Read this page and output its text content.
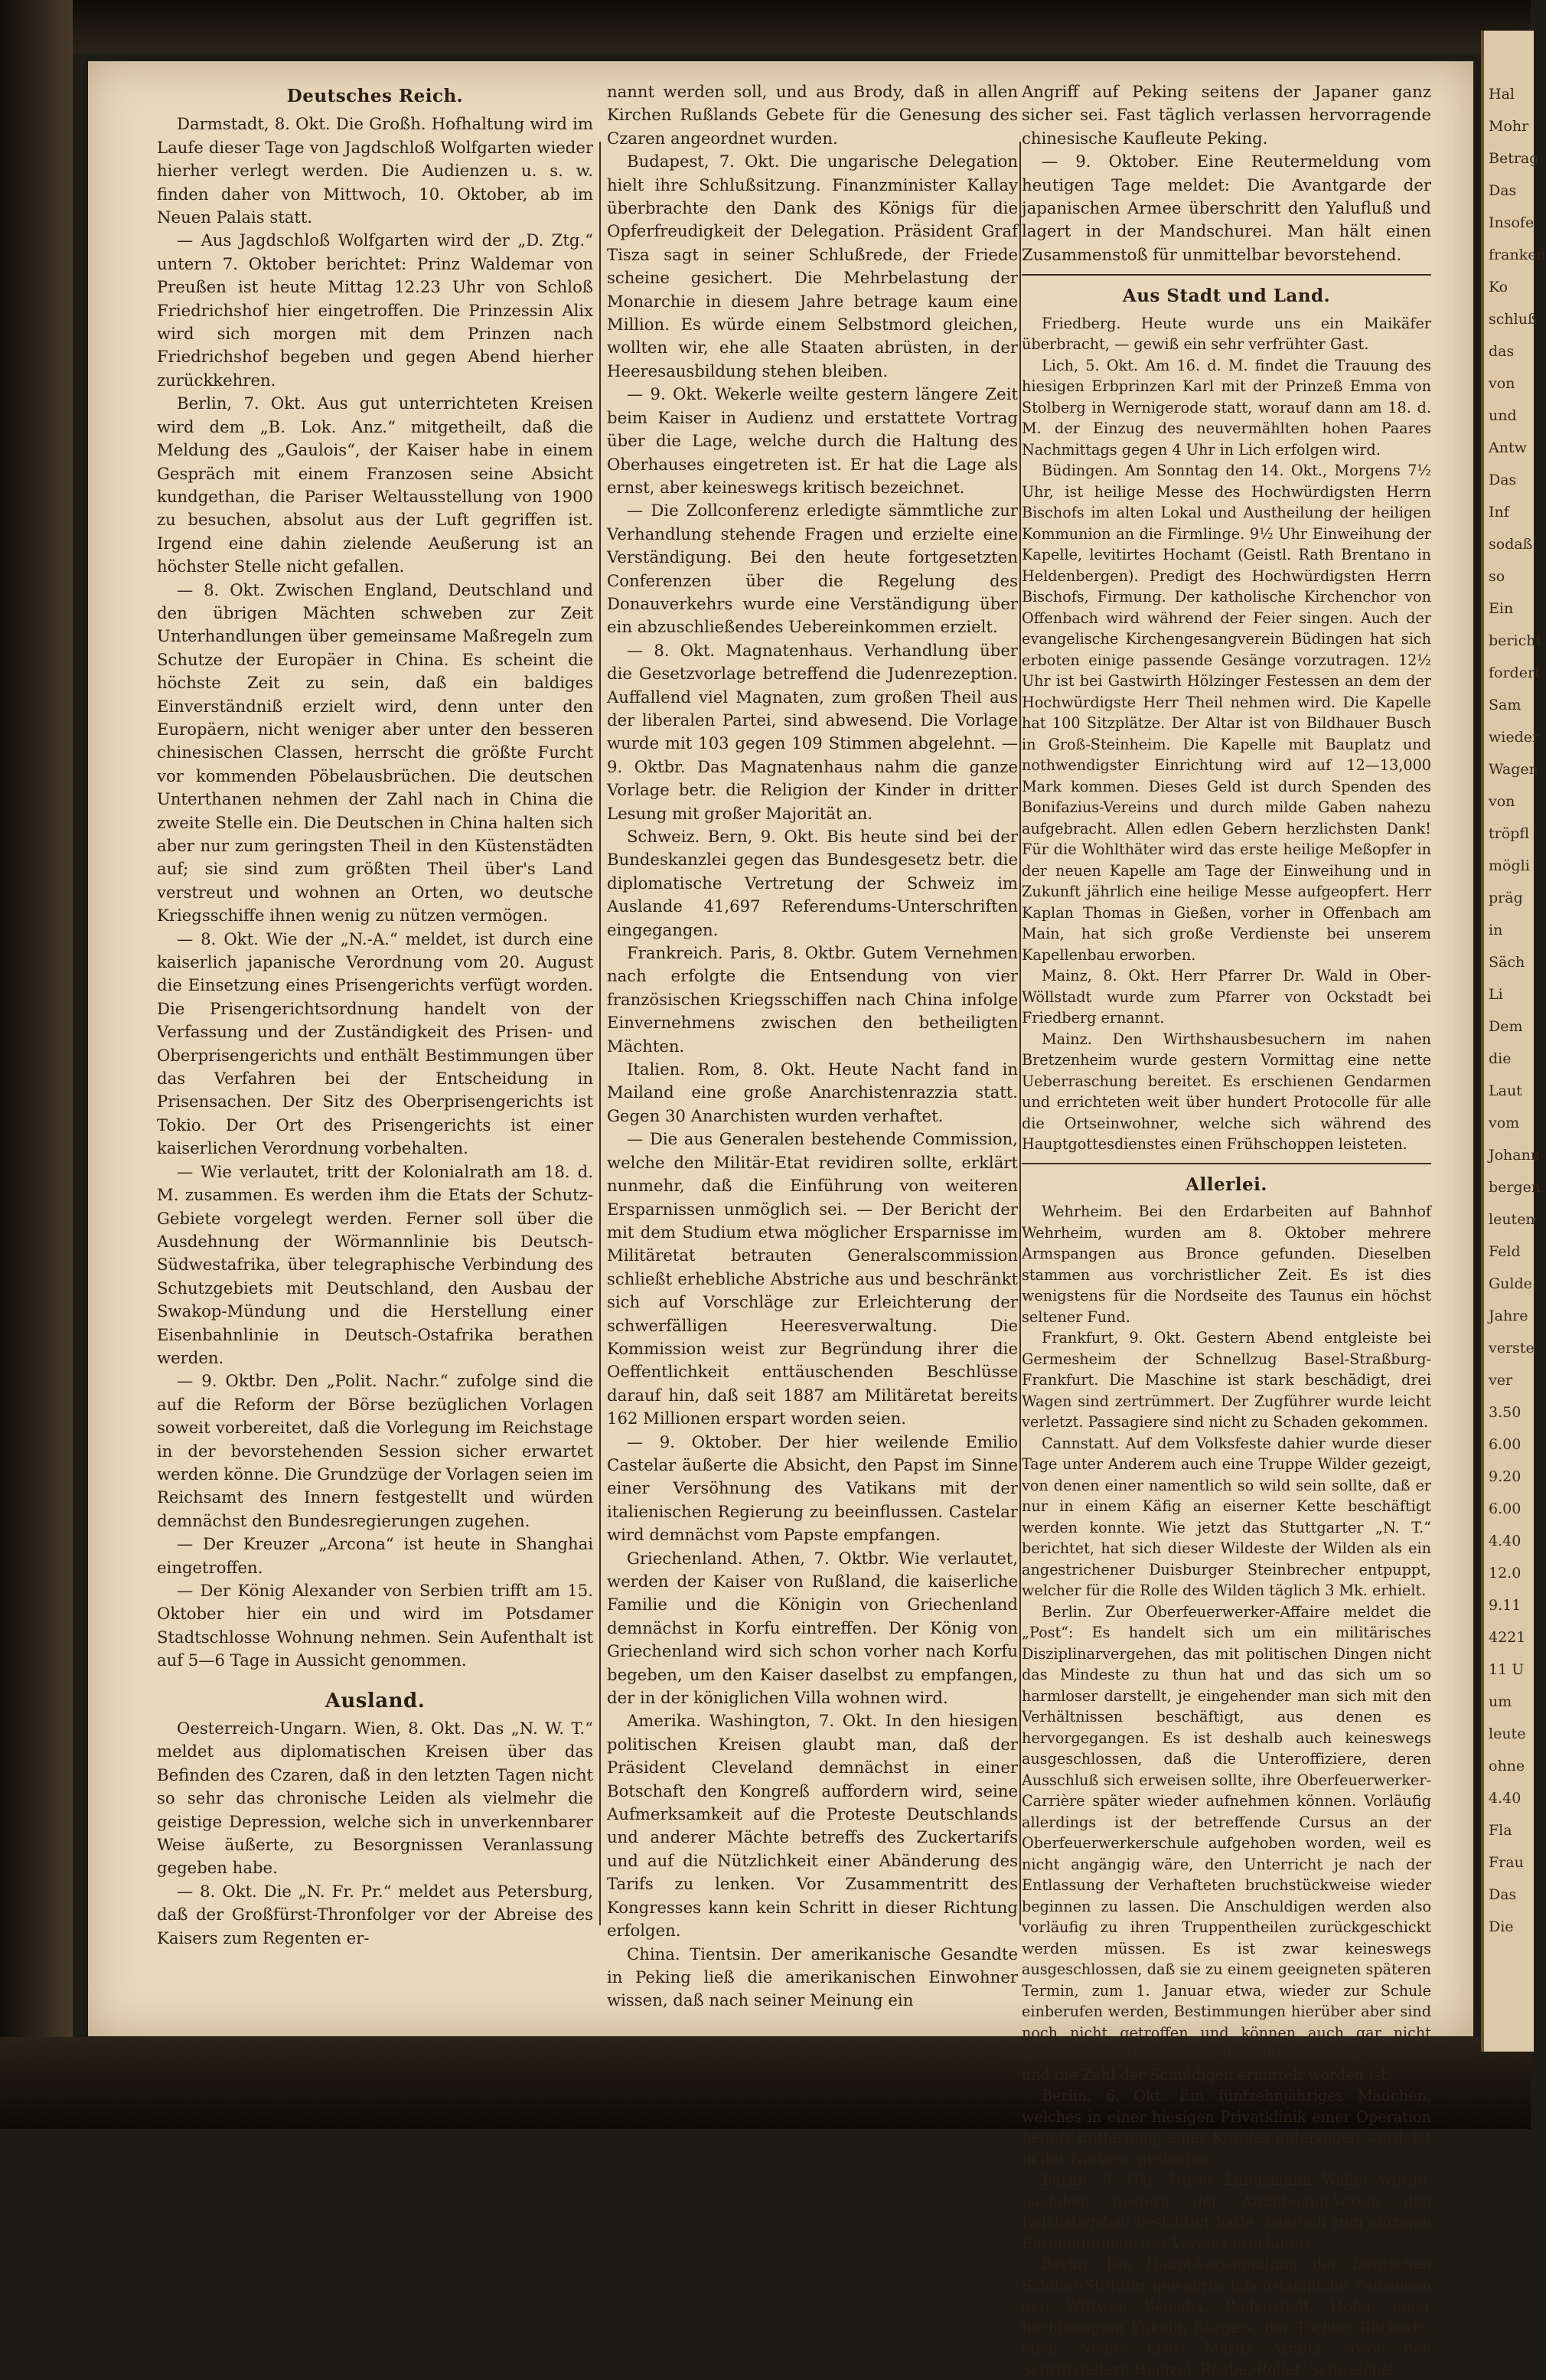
Hal
Mohr
Betrag
Das
Insofe
franken
Ko
schluß
das
von
und
Antw
Das
Inf
sodaß
so
Ein
bericht
fordert
Sam
wieder
Wagen
von
tröpfl
mögli
präg
in
Säch
Li
Dem
die
Laut
vom
Johann
bergen
leuten
Feld
Gulde
Jahre
verste
ver
3.50
6.00
9.20
6.00
4.40
12.0
9.11
4221
11 U
um
leute
ohne
4.40
Fla
Frau
Das
Die
Deutsches Reich.

Darmstadt, 8. Okt. Die Großh. Hofhaltung wird im Laufe dieser Tage von Jagdschloß Wolfgarten wieder hierher verlegt werden. Die Audienzen u. s. w. finden daher von Mittwoch, 10. Oktober, ab im Neuen Palais statt.

— Aus Jagdschloß Wolfgarten wird der „D. Ztg.“ untern 7. Oktober berichtet: Prinz Waldemar von Preußen ist heute Mittag 12.23 Uhr von Schloß Friedrichshof hier eingetroffen. Die Prinzessin Alix wird sich morgen mit dem Prinzen nach Friedrichshof begeben und gegen Abend hierher zurückkehren.

Berlin, 7. Okt. Aus gut unterrichteten Kreisen wird dem „B. Lok. Anz.“ mitgetheilt, daß die Meldung des „Gaulois“, der Kaiser habe in einem Gespräch mit einem Franzosen seine Absicht kundgethan, die Pariser Weltausstellung von 1900 zu besuchen, absolut aus der Luft gegriffen ist. Irgend eine dahin zielende Aeußerung ist an höchster Stelle nicht gefallen.

— 8. Okt. Zwischen England, Deutschland und den übrigen Mächten schweben zur Zeit Unterhandlungen über gemeinsame Maßregeln zum Schutze der Europäer in China. Es scheint die höchste Zeit zu sein, daß ein baldiges Einverständniß erzielt wird, denn unter den Europäern, nicht weniger aber unter den besseren chinesischen Classen, herrscht die größte Furcht vor kommenden Pöbelausbrüchen. Die deutschen Unterthanen nehmen der Zahl nach in China die zweite Stelle ein. Die Deutschen in China halten sich aber nur zum geringsten Theil in den Küstenstädten auf; sie sind zum größten Theil über's Land verstreut und wohnen an Orten, wo deutsche Kriegsschiffe ihnen wenig zu nützen vermögen.

— 8. Okt. Wie der „N.-A.“ meldet, ist durch eine kaiserlich japanische Verordnung vom 20. August die Einsetzung eines Prisengerichts verfügt worden. Die Prisengerichtsordnung handelt von der Verfassung und der Zuständigkeit des Prisen- und Oberprisengerichts und enthält Bestimmungen über das Verfahren bei der Entscheidung in Prisensachen. Der Sitz des Oberprisengerichts ist Tokio. Der Ort des Prisengerichts ist einer kaiserlichen Verordnung vorbehalten.

— Wie verlautet, tritt der Kolonialrath am 18. d. M. zusammen. Es werden ihm die Etats der Schutz-Gebiete vorgelegt werden. Ferner soll über die Ausdehnung der Wörmannlinie bis Deutsch-Südwestafrika, über telegraphische Verbindung des Schutzgebiets mit Deutschland, den Ausbau der Swakop-Mündung und die Herstellung einer Eisenbahnlinie in Deutsch-Ostafrika berathen werden.

— 9. Oktbr. Den „Polit. Nachr.“ zufolge sind die auf die Reform der Börse bezüglichen Vorlagen soweit vorbereitet, daß die Vorlegung im Reichstage in der bevorstehenden Session sicher erwartet werden könne. Die Grundzüge der Vorlagen seien im Reichsamt des Innern festgestellt und würden demnächst den Bundesregierungen zugehen.

— Der Kreuzer „Arcona“ ist heute in Shanghai eingetroffen.

— Der König Alexander von Serbien trifft am 15. Oktober hier ein und wird im Potsdamer Stadtschlosse Wohnung nehmen. Sein Aufenthalt ist auf 5—6 Tage in Aussicht genommen.

Ausland.

Oesterreich-Ungarn. Wien, 8. Okt. Das „N. W. T.“ meldet aus diplomatischen Kreisen über das Befinden des Czaren, daß in den letzten Tagen nicht so sehr das chronische Leiden als vielmehr die geistige Depression, welche sich in unverkennbarer Weise äußerte, zu Besorgnissen Veranlassung gegeben habe.

— 8. Okt. Die „N. Fr. Pr.“ meldet aus Petersburg, daß der Großfürst-Thronfolger vor der Abreise des Kaisers zum Regenten er-

nannt werden soll, und aus Brody, daß in allen Kirchen Rußlands Gebete für die Genesung des Czaren angeordnet wurden.

Budapest, 7. Okt. Die ungarische Delegation hielt ihre Schlußsitzung. Finanzminister Kallay überbrachte den Dank des Königs für die Opferfreudigkeit der Delegation. Präsident Graf Tisza sagt in seiner Schlußrede, der Friede scheine gesichert. Die Mehrbelastung der Monarchie in diesem Jahre betrage kaum eine Million. Es würde einem Selbstmord gleichen, wollten wir, ehe alle Staaten abrüsten, in der Heeresausbildung stehen bleiben.

— 9. Okt. Wekerle weilte gestern längere Zeit beim Kaiser in Audienz und erstattete Vortrag über die Lage, welche durch die Haltung des Oberhauses eingetreten ist. Er hat die Lage als ernst, aber keineswegs kritisch bezeichnet.

— Die Zollconferenz erledigte sämmtliche zur Verhandlung stehende Fragen und erzielte eine Verständigung. Bei den heute fortgesetzten Conferenzen über die Regelung des Donauverkehrs wurde eine Verständigung über ein abzuschließendes Uebereinkommen erzielt.

— 8. Okt. Magnatenhaus. Verhandlung über die Gesetzvorlage betreffend die Judenrezeption. Auffallend viel Magnaten, zum großen Theil aus der liberalen Partei, sind abwesend. Die Vorlage wurde mit 103 gegen 109 Stimmen abgelehnt. — 9. Oktbr. Das Magnatenhaus nahm die ganze Vorlage betr. die Religion der Kinder in dritter Lesung mit großer Majorität an.

Schweiz. Bern, 9. Okt. Bis heute sind bei der Bundeskanzlei gegen das Bundesgesetz betr. die diplomatische Vertretung der Schweiz im Auslande 41,697 Referendums-Unterschriften eingegangen.

Frankreich. Paris, 8. Oktbr. Gutem Vernehmen nach erfolgte die Entsendung von vier französischen Kriegsschiffen nach China infolge Einvernehmens zwischen den betheiligten Mächten.

Italien. Rom, 8. Okt. Heute Nacht fand in Mailand eine große Anarchistenrazzia statt. Gegen 30 Anarchisten wurden verhaftet.

— Die aus Generalen bestehende Commission, welche den Militär-Etat revidiren sollte, erklärt nunmehr, daß die Einführung von weiteren Ersparnissen unmöglich sei. — Der Bericht der mit dem Studium etwa möglicher Ersparnisse im Militäretat betrauten Generalscommission schließt erhebliche Abstriche aus und beschränkt sich auf Vorschläge zur Erleichterung der schwerfälligen Heeresverwaltung. Die Kommission weist zur Begründung ihrer die Oeffentlichkeit enttäuschenden Beschlüsse darauf hin, daß seit 1887 am Militäretat bereits 162 Millionen erspart worden seien.

— 9. Oktober. Der hier weilende Emilio Castelar äußerte die Absicht, den Papst im Sinne einer Versöhnung des Vatikans mit der italienischen Regierung zu beeinflussen. Castelar wird demnächst vom Papste empfangen.

Griechenland. Athen, 7. Oktbr. Wie verlautet, werden der Kaiser von Rußland, die kaiserliche Familie und die Königin von Griechenland demnächst in Korfu eintreffen. Der König von Griechenland wird sich schon vorher nach Korfu begeben, um den Kaiser daselbst zu empfangen, der in der königlichen Villa wohnen wird.

Amerika. Washington, 7. Okt. In den hiesigen politischen Kreisen glaubt man, daß der Präsident Cleveland demnächst in einer Botschaft den Kongreß auffordern wird, seine Aufmerksamkeit auf die Proteste Deutschlands und anderer Mächte betreffs des Zuckertarifs und auf die Nützlichkeit einer Abänderung des Tarifs zu lenken. Vor Zusammentritt des Kongresses kann kein Schritt in dieser Richtung erfolgen.

China. Tientsin. Der amerikanische Gesandte in Peking ließ die amerikanischen Einwohner wissen, daß nach seiner Meinung ein

Angriff auf Peking seitens der Japaner ganz sicher sei. Fast täglich verlassen hervorragende chinesische Kaufleute Peking.

— 9. Oktober. Eine Reutermeldung vom heutigen Tage meldet: Die Avantgarde der japanischen Armee überschritt den Yalufluß und lagert in der Mandschurei. Man hält einen Zusammenstoß für unmittelbar bevorstehend.

Aus Stadt und Land.

Friedberg. Heute wurde uns ein Maikäfer überbracht, — gewiß ein sehr verfrühter Gast.

Lich, 5. Okt. Am 16. d. M. findet die Trauung des hiesigen Erbprinzen Karl mit der Prinzeß Emma von Stolberg in Wernigerode statt, worauf dann am 18. d. M. der Einzug des neuvermählten hohen Paares Nachmittags gegen 4 Uhr in Lich erfolgen wird.

Büdingen. Am Sonntag den 14. Okt., Morgens 7½ Uhr, ist heilige Messe des Hochwürdigsten Herrn Bischofs im alten Lokal und Austheilung der heiligen Kommunion an die Firmlinge. 9½ Uhr Einweihung der Kapelle, levitirtes Hochamt (Geistl. Rath Brentano in Heldenbergen). Predigt des Hochwürdigsten Herrn Bischofs, Firmung. Der katholische Kirchenchor von Offenbach wird während der Feier singen. Auch der evangelische Kirchengesangverein Büdingen hat sich erboten einige passende Gesänge vorzutragen. 12½ Uhr ist bei Gastwirth Hölzinger Festessen an dem der Hochwürdigste Herr Theil nehmen wird. Die Kapelle hat 100 Sitzplätze. Der Altar ist von Bildhauer Busch in Groß-Steinheim. Die Kapelle mit Bauplatz und nothwendigster Einrichtung wird auf 12—13,000 Mark kommen. Dieses Geld ist durch Spenden des Bonifazius-Vereins und durch milde Gaben nahezu aufgebracht. Allen edlen Gebern herzlichsten Dank! Für die Wohlthäter wird das erste heilige Meßopfer in der neuen Kapelle am Tage der Einweihung und in Zukunft jährlich eine heilige Messe aufgeopfert. Herr Kaplan Thomas in Gießen, vorher in Offenbach am Main, hat sich große Verdienste bei unserem Kapellenbau erworben.

Mainz, 8. Okt. Herr Pfarrer Dr. Wald in Ober-Wöllstadt wurde zum Pfarrer von Ockstadt bei Friedberg ernannt.

Mainz. Den Wirthshausbesuchern im nahen Bretzenheim wurde gestern Vormittag eine nette Ueberraschung bereitet. Es erschienen Gendarmen und errichteten weit über hundert Protocolle für alle die Ortseinwohner, welche sich während des Hauptgottesdienstes einen Frühschoppen leisteten.

Allerlei.

Wehrheim. Bei den Erdarbeiten auf Bahnhof Wehrheim, wurden am 8. Oktober mehrere Armspangen aus Bronce gefunden. Dieselben stammen aus vorchristlicher Zeit. Es ist dies wenigstens für die Nordseite des Taunus ein höchst seltener Fund.

Frankfurt, 9. Okt. Gestern Abend entgleiste bei Germesheim der Schnellzug Basel-Straßburg-Frankfurt. Die Maschine ist stark beschädigt, drei Wagen sind zertrümmert. Der Zugführer wurde leicht verletzt. Passagiere sind nicht zu Schaden gekommen.

Cannstatt. Auf dem Volksfeste dahier wurde dieser Tage unter Anderem auch eine Truppe Wilder gezeigt, von denen einer namentlich so wild sein sollte, daß er nur in einem Käfig an eiserner Kette beschäftigt werden konnte. Wie jetzt das Stuttgarter „N. T.“ berichtet, hat sich dieser Wildeste der Wilden als ein angestrichener Duisburger Steinbrecher entpuppt, welcher für die Rolle des Wilden täglich 3 Mk. erhielt.

Berlin. Zur Oberfeuerwerker-Affaire meldet die „Post“: Es handelt sich um ein militärisches Disziplinarvergehen, das mit politischen Dingen nicht das Mindeste zu thun hat und das sich um so harmloser darstellt, je eingehender man sich mit den Verhältnissen beschäftigt, aus denen es hervorgegangen. Es ist deshalb auch keineswegs ausgeschlossen, daß die Unteroffiziere, deren Ausschluß sich erweisen sollte, ihre Oberfeuerwerker-Carrière später wieder aufnehmen können. Vorläufig allerdings ist der betreffende Cursus an der Oberfeuerwerkerschule aufgehoben worden, weil es nicht angängig wäre, den Unterricht je nach der Entlassung der Verhafteten bruchstückweise wieder beginnen zu lassen. Die Anschuldigen werden also vorläufig zu ihren Truppentheilen zurückgeschickt werden müssen. Es ist zwar keineswegs ausgeschlossen, daß sie zu einem geeigneten späteren Termin, zum 1. Januar etwa, wieder zur Schule einberufen werden, Bestimmungen hierüber aber sind noch nicht getroffen und können auch gar nicht getroffen werden, bevor die Untersuchung beendet und die Zahl der Schuldigen ermittelt worden ist.

Berlin, 6. Okt. Ein fünfzehnjähriges Mädchen, welches in einer hiesigen Privatklinik einer Operation behufs Entfernung eines Kropfes unterzogen ward, ist in der Narkose gestorben.

Berlin, 8. Okt. Unser Landsmann Wallot wurde, nachdem gestern der Architecten-Verein den Reichstagsbau besichtigt hatte, feierlich zum einzigen Ehrenmitgliede des Vereins proklamirt.

Berlin. Die Haupt-Versammlung der Deutschen Schiller-Stiftung gewährte lebenslängliche Pensionen den Wittwen Benedix, Bodenstedt, Höfer, einer hochbetagten Enkelin Bürgers, der Tochter Rückerts, einer Nichte Ernst Moritz Arndts, sowie den Schriftstellern Heinzel, Raabe, Rollet, Schweichel.
